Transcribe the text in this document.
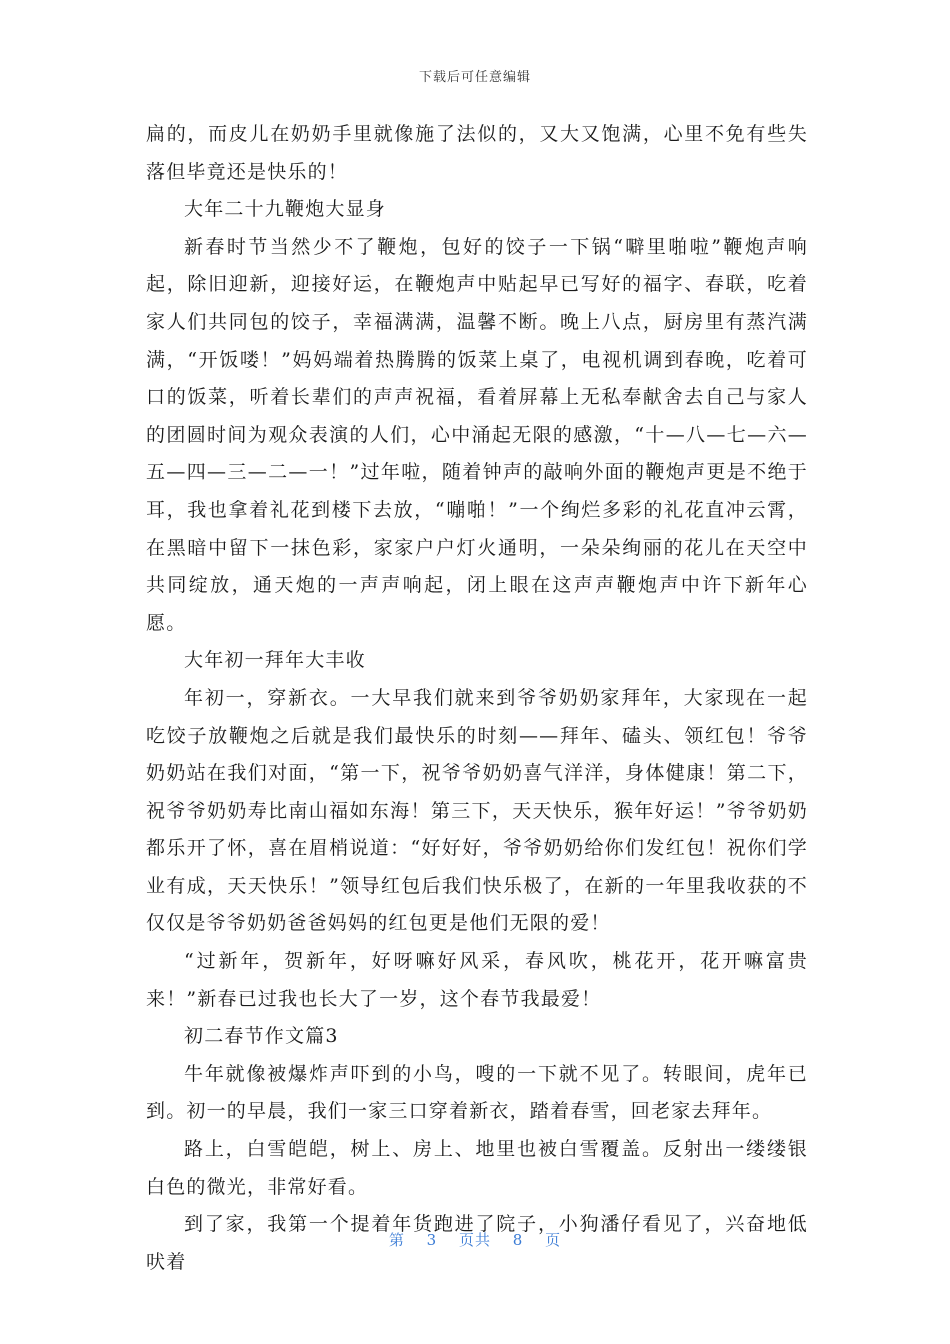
下载后可任意编辑

扁的，而皮儿在奶奶手里就像施了法似的，又大又饱满，心里不免有些失落但毕竟还是快乐的！

大年二十九鞭炮大显身

新春时节当然少不了鞭炮，包好的饺子一下锅“噼里啪啦”鞭炮声响起，除旧迎新，迎接好运，在鞭炮声中贴起早已写好的福字、春联，吃着家人们共同包的饺子，幸福满满，温馨不断。晚上八点，厨房里有蒸汽满满，“开饭喽！”妈妈端着热腾腾的饭菜上桌了，电视机调到春晚，吃着可口的饭菜，听着长辈们的声声祝福，看着屏幕上无私奉献舍去自己与家人的团圆时间为观众表演的人们，心中涌起无限的感激，“十—八—七—六—五—四—三—二—一！”过年啦，随着钟声的敲响外面的鞭炮声更是不绝于耳，我也拿着礼花到楼下去放，“嘣啪！”一个绚烂多彩的礼花直冲云霄，在黑暗中留下一抹色彩，家家户户灯火通明，一朵朵绚丽的花儿在天空中共同绽放，通天炮的一声声响起，闭上眼在这声声鞭炮声中许下新年心愿。

大年初一拜年大丰收

年初一，穿新衣。一大早我们就来到爷爷奶奶家拜年，大家现在一起吃饺子放鞭炮之后就是我们最快乐的时刻——拜年、磕头、领红包！爷爷奶奶站在我们对面，“第一下，祝爷爷奶奶喜气洋洋，身体健康！第二下，祝爷爷奶奶寿比南山福如东海！第三下，天天快乐，猴年好运！”爷爷奶奶都乐开了怀，喜在眉梢说道：“好好好，爷爷奶奶给你们发红包！祝你们学业有成，天天快乐！”领导红包后我们快乐极了，在新的一年里我收获的不仅仅是爷爷奶奶爸爸妈妈的红包更是他们无限的爱！

“过新年，贺新年，好呀嘛好风采，春风吹，桃花开，花开嘛富贵来！”新春已过我也长大了一岁，这个春节我最爱！

初二春节作文篇3

牛年就像被爆炸声吓到的小鸟，嗖的一下就不见了。转眼间，虎年已到。初一的早晨，我们一家三口穿着新衣，踏着春雪，回老家去拜年。

路上，白雪皑皑，树上、房上、地里也被白雪覆盖。反射出一缕缕银白色的微光，非常好看。

到了家，我第一个提着年货跑进了院子，小狗潘仔看见了，兴奋地低吠着

第 3 页共 8 页
